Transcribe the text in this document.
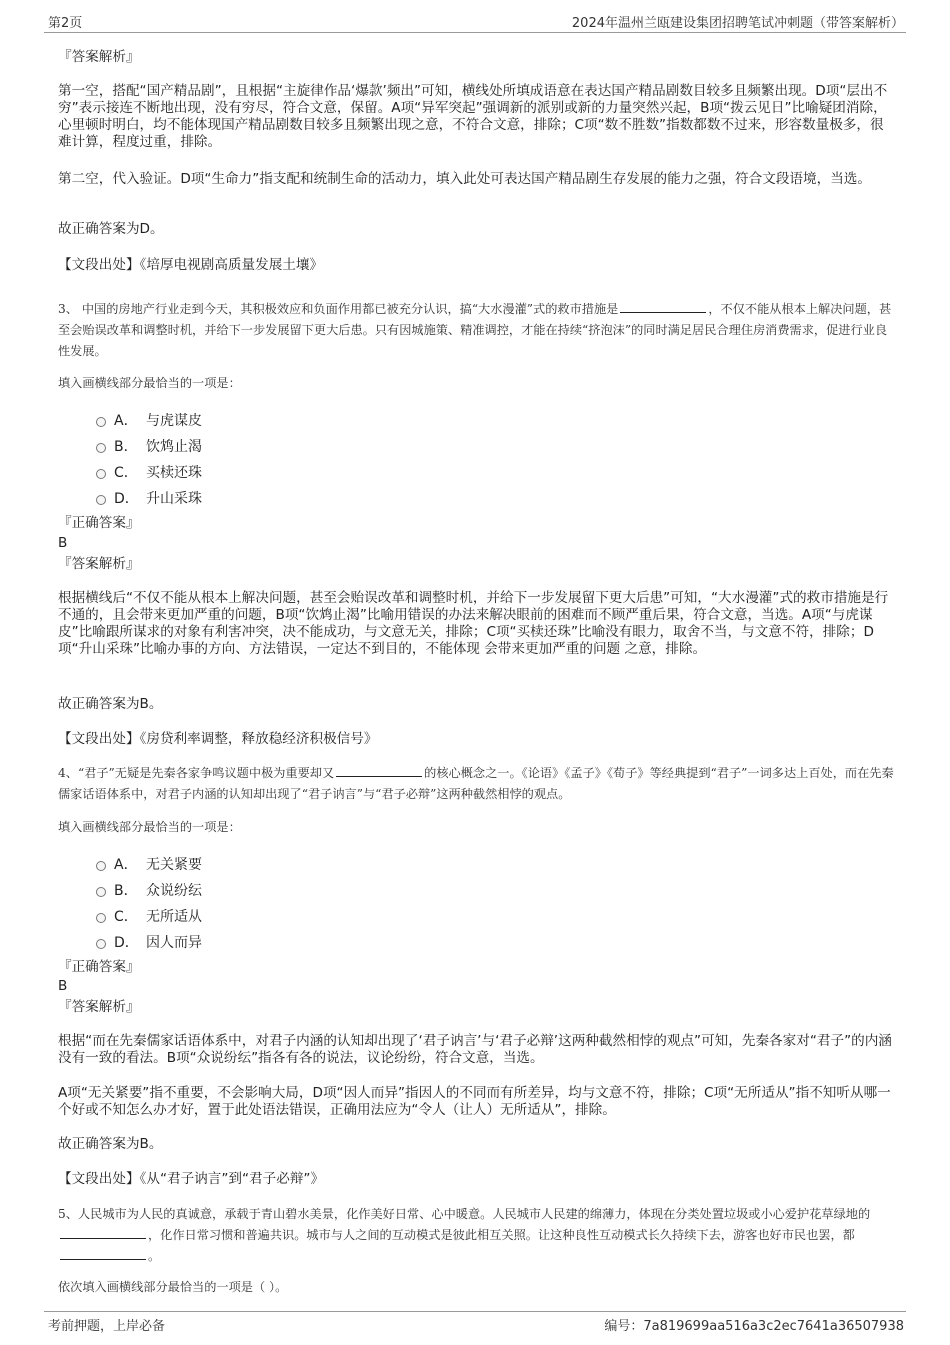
第2页	2024年温州兰瓯建设集团招聘笔试冲刺题（带答案解析）
『答案解析』
第一空，搭配“国产精品剧”，且根据“主旋律作品‘爆款’频出”可知，横线处所填成语意在表达国产精品剧数目较多且频繁出现。D项“层出不穷”表示接连不断地出现，没有穷尽，符合文意，保留。A项“异军突起”强调新的派别或新的力量突然兴起，B项“拨云见日”比喻疑团消除，心里顿时明白，均不能体现国产精品剧数目较多且频繁出现之意，不符合文意，排除；C项“数不胜数”指数都数不过来，形容数量极多，很难计算，程度过重，排除。
第二空，代入验证。D项“生命力”指支配和统制生命的活动力，填入此处可表达国产精品剧生存发展的能力之强，符合文段语境，当选。
故正确答案为D。
【文段出处】《培厚电视剧高质量发展土壤》
3、 中国的房地产行业走到今天，其积极效应和负面作用都已被充分认识，搞“大水漫灌”式的救市措施是	，不仅不能从根本上解决问题，甚至会贻误改革和调整时机，并给下一步发展留下更大后患。只有因城施策、精准调控，才能在持续“挤泡沫”的同时满足居民合理住房消费需求，促进行业良性发展。
填入画横线部分最恰当的一项是：
A． 与虎谋皮
B． 饮鸩止渴
C． 买椟还珠
D． 升山采珠
『正确答案』
B
『答案解析』
根据横线后“不仅不能从根本上解决问题，甚至会贻误改革和调整时机，并给下一步发展留下更大后患”可知，“大水漫灌”式的救市措施是行不通的，且会带来更加严重的问题，B项“饮鸩止渴”比喻用错误的办法来解决眼前的困难而不顾严重后果，符合文意，当选。A项“与虎谋皮”比喻跟所谋求的对象有利害冲突，决不能成功，与文意无关，排除；C项“买椟还珠”比喻没有眼力，取舍不当，与文意不符，排除；D项“升山采珠”比喻办事的方向、方法错误，一定达不到目的，不能体现 会带来更加严重的问题 之意，排除。
故正确答案为B。
【文段出处】《房贷利率调整，释放稳经济积极信号》
4、“君子”无疑是先秦各家争鸣议题中极为重要却又	的核心概念之一。《论语》《孟子》《荀子》等经典提到“君子”一词多达上百处，而在先秦儒家话语体系中，对君子内涵的认知却出现了“君子讷言”与“君子必辩”这两种截然相悖的观点。
填入画横线部分最恰当的一项是：
A． 无关紧要
B． 众说纷纭
C． 无所适从
D． 因人而异
『正确答案』
B
『答案解析』
根据“而在先秦儒家话语体系中，对君子内涵的认知却出现了‘君子讷言’与‘君子必辩’这两种截然相悖的观点”可知，先秦各家对“君子”的内涵没有一致的看法。B项“众说纷纭”指各有各的说法，议论纷纷，符合文意，当选。
A项“无关紧要”指不重要，不会影响大局，D项“因人而异”指因人的不同而有所差异，均与文意不符，排除；C项“无所适从”指不知听从哪一个好或不知怎么办才好，置于此处语法错误，正确用法应为“令人（让人）无所适从”，排除。
故正确答案为B。
【文段出处】《从“君子讷言”到“君子必辩”》
5、人民城市为人民的真诚意，承载于青山碧水美景，化作美好日常、心中暖意。人民城市人民建的绵薄力，体现在分类处置垃圾或小心爱护花草绿地的，化作日常习惯和普遍共识。城市与人之间的互动模式是彼此相互关照。让这种良性互动模式长久持续下去，游客也好市民也罢，都。
依次填入画横线部分最恰当的一项是（ ）。
考前押题，上岸必备	编号：7a819699aa516a3c2ec7641a36507938
